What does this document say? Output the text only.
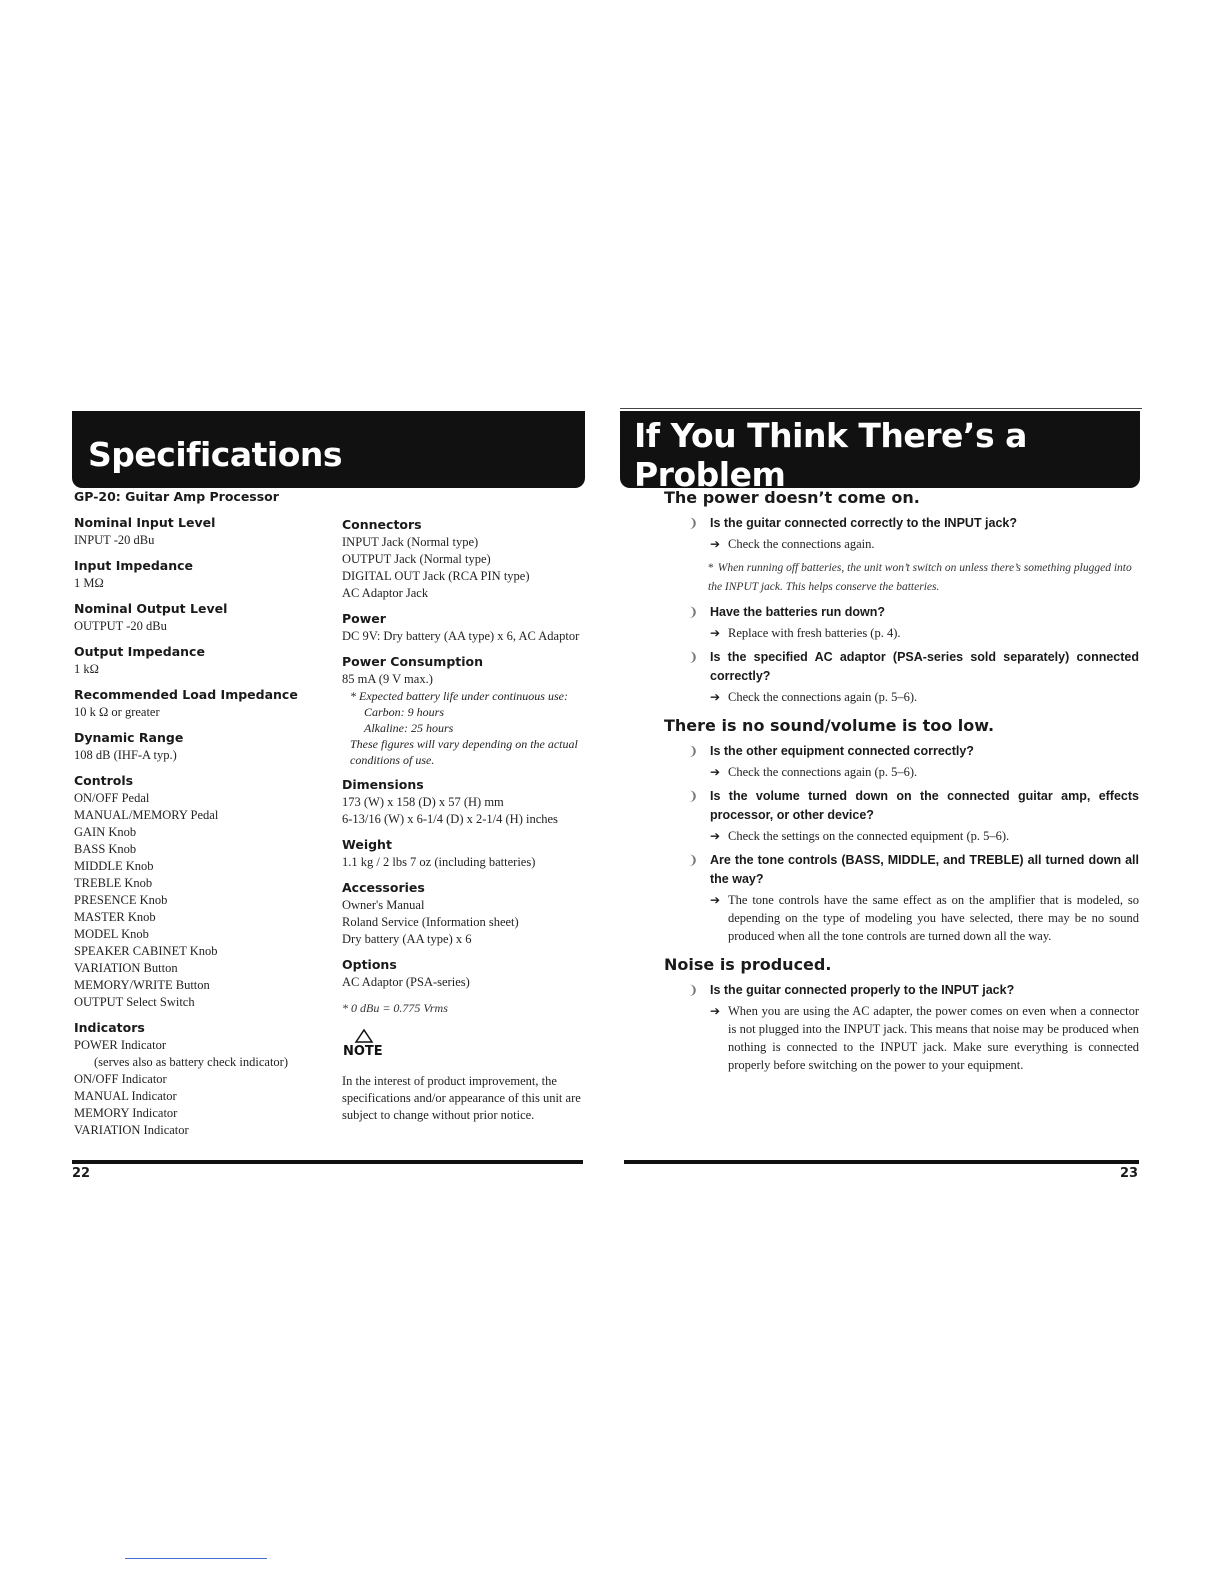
Specifications
GP-20: Guitar Amp Processor
Nominal Input Level
INPUT -20 dBu
Input Impedance
1 MΩ
Nominal Output Level
OUTPUT -20 dBu
Output Impedance
1 kΩ
Recommended Load Impedance
10 k Ω or greater
Dynamic Range
108 dB (IHF-A typ.)
Controls
ON/OFF Pedal
MANUAL/MEMORY Pedal
GAIN Knob
BASS Knob
MIDDLE Knob
TREBLE Knob
PRESENCE Knob
MASTER Knob
MODEL Knob
SPEAKER CABINET Knob
VARIATION Button
MEMORY/WRITE Button
OUTPUT Select Switch
Indicators
POWER Indicator
(serves also as battery check indicator)
ON/OFF Indicator
MANUAL Indicator
MEMORY Indicator
VARIATION Indicator
Connectors
INPUT Jack (Normal type)
OUTPUT Jack (Normal type)
DIGITAL OUT Jack (RCA PIN type)
AC Adaptor Jack
Power
DC 9V: Dry battery (AA type) x 6, AC Adaptor
Power Consumption
85 mA (9 V max.)
* Expected battery life under continuous use:
Carbon: 9 hours
Alkaline: 25 hours
These figures will vary depending on the actual conditions of use.
Dimensions
173 (W) x 158 (D) x 57 (H) mm
6-13/16 (W) x 6-1/4 (D) x 2-1/4 (H) inches
Weight
1.1 kg / 2 lbs 7 oz (including batteries)
Accessories
Owner's Manual
Roland Service (Information sheet)
Dry battery (AA type) x 6
Options
AC Adaptor (PSA-series)
* 0 dBu = 0.775 Vrms
NOTE
In the interest of product improvement, the specifications and/or appearance of this unit are subject to change without prior notice.
22
If You Think There’s a Problem
The power doesn’t come on.
❩ Is the guitar connected correctly to the INPUT jack?
➔ Check the connections again.
* When running off batteries, the unit won’t switch on unless there’s something plugged into the INPUT jack. This helps conserve the batteries.
❩ Have the batteries run down?
➔ Replace with fresh batteries (p. 4).
❩ Is the specified AC adaptor (PSA-series sold separately) connected correctly?
➔ Check the connections again (p. 5–6).
There is no sound/volume is too low.
❩ Is the other equipment connected correctly?
➔ Check the connections again (p. 5–6).
❩ Is the volume turned down on the connected guitar amp, effects processor, or other device?
➔ Check the settings on the connected equipment (p. 5–6).
❩ Are the tone controls (BASS, MIDDLE, and TREBLE) all turned down all the way?
➔ The tone controls have the same effect as on the amplifier that is modeled, so depending on the type of modeling you have selected, there may be no sound produced when all the tone controls are turned down all the way.
Noise is produced.
❩ Is the guitar connected properly to the INPUT jack?
➔ When you are using the AC adapter, the power comes on even when a connector is not plugged into the INPUT jack. This means that noise may be produced when nothing is connected to the INPUT jack. Make sure everything is connected properly before switching on the power to your equipment.
23
